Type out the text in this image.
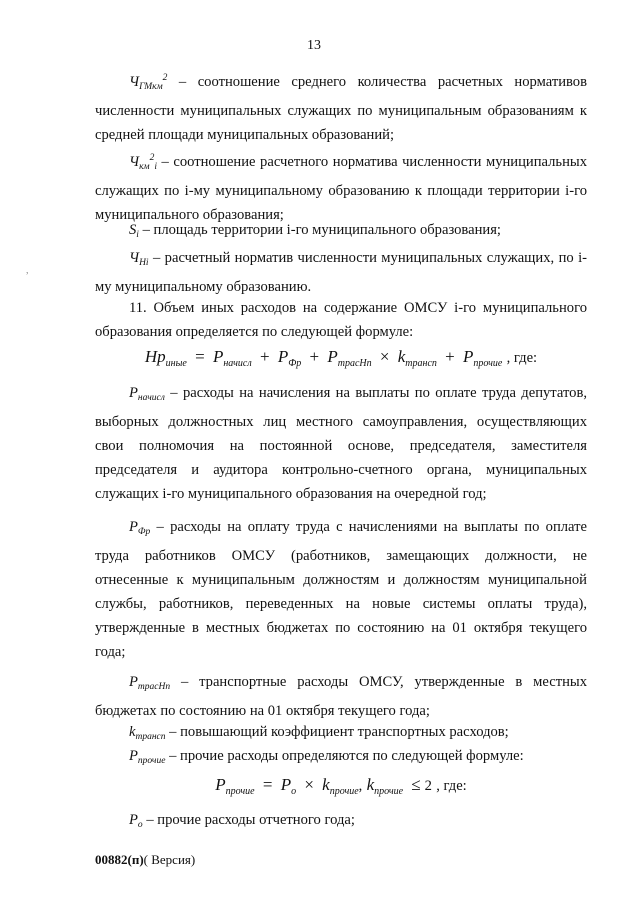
13
,
$Ч_{ГМкм}^2$ – соотношение среднего количества расчетных нормативов численности муниципальных служащих по муниципальным образованиям к средней площади муниципальных образований;
$Ч_{км}^2_i$ – соотношение расчетного норматива численности муниципальных служащих по i-му муниципальному образованию к площади территории i-го муниципального образования;
$S_i$ – площадь территории i-го муниципального образования;
$Ч_{Hi}$ – расчетный норматив численности муниципальных служащих, по i-му муниципальному образованию.
11. Объем иных расходов на содержание ОМСУ i-го муниципального образования определяется по следующей формуле:
$Нр_{иные} = P_{начисл} + P_{Фр} + P_{трасНп} \times k_{трансп} + P_{прочие}$ , где:
$P_{начисл}$ – расходы на начисления на выплаты по оплате труда депутатов, выборных должностных лиц местного самоуправления, осуществляющих свои полномочия на постоянной основе, председателя, заместителя председателя и аудитора контрольно-счетного органа, муниципальных служащих i-го муниципального образования на очередной год;
$P_{Фр}$ – расходы на оплату труда с начислениями на выплаты по оплате труда работников ОМСУ (работников, замещающих должности, не отнесенные к муниципальным должностям и должностям муниципальной службы, работников, переведенных на новые системы оплаты труда), утвержденные в местных бюджетах по состоянию на 01 октября текущего года;
$P_{трасНп}$ – транспортные расходы ОМСУ, утвержденные в местных бюджетах по состоянию на 01 октября текущего года;
$k_{трансп}$ – повышающий коэффициент транспортных расходов;
$P_{прочие}$ – прочие расходы определяются по следующей формуле:
$P_{прочие} = P_o \times k_{прочие}$, $k_{прочие} \le 2$ , где:
$P_o$ – прочие расходы отчетного года;
00882(п)( Версия)
